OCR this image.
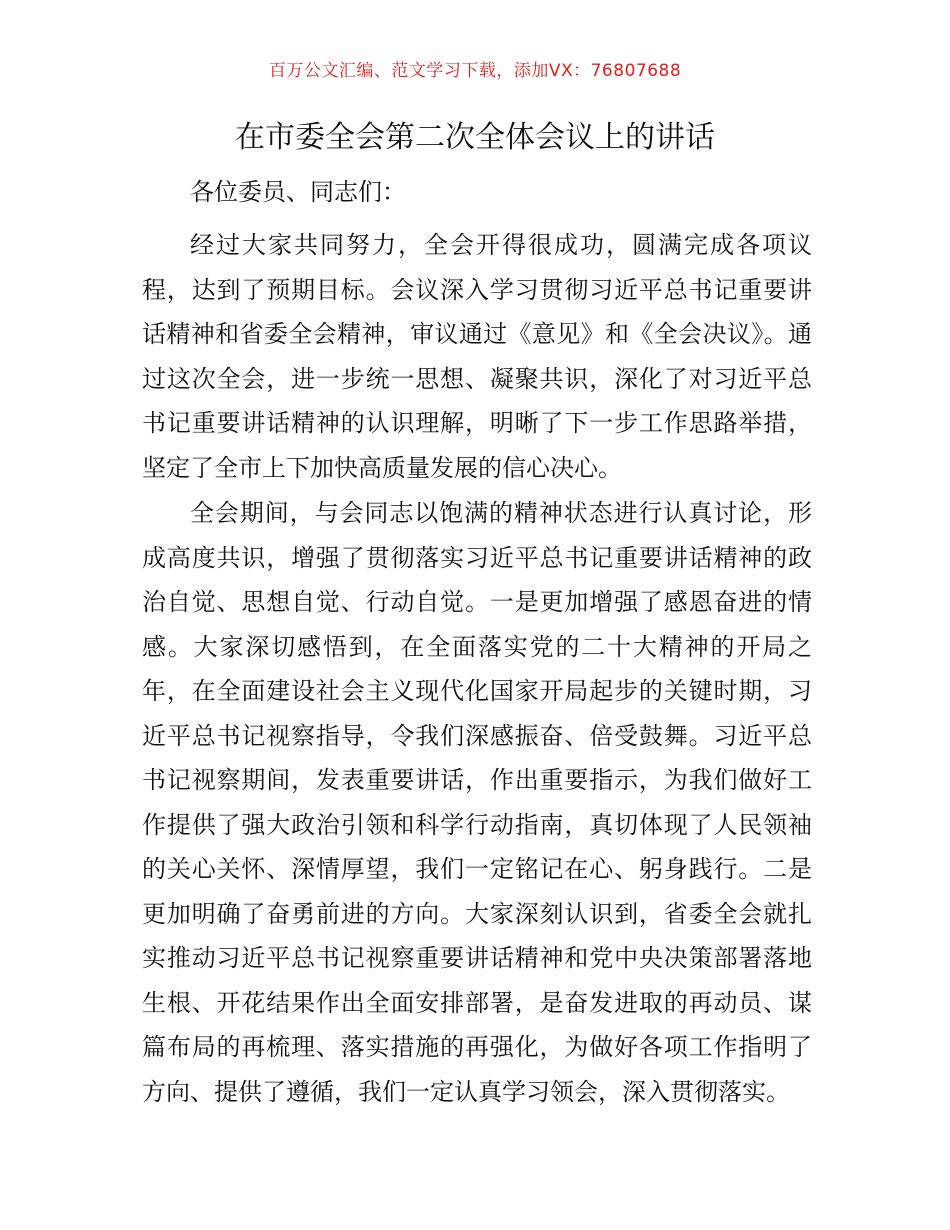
百万公文汇编、范文学习下载，添加VX：76807688
在市委全会第二次全体会议上的讲话

各位委员、同志们：

经过大家共同努力，全会开得很成功，圆满完成各项议程，达到了预期目标。会议深入学习贯彻习近平总书记重要讲话精神和省委全会精神，审议通过《意见》和《全会决议》。通过这次全会，进一步统一思想、凝聚共识，深化了对习近平总书记重要讲话精神的认识理解，明晰了下一步工作思路举措，坚定了全市上下加快高质量发展的信心决心。

全会期间，与会同志以饱满的精神状态进行认真讨论，形成高度共识，增强了贯彻落实习近平总书记重要讲话精神的政治自觉、思想自觉、行动自觉。一是更加增强了感恩奋进的情感。大家深切感悟到，在全面落实党的二十大精神的开局之年，在全面建设社会主义现代化国家开局起步的关键时期，习近平总书记视察指导，令我们深感振奋、倍受鼓舞。习近平总书记视察期间，发表重要讲话，作出重要指示，为我们做好工作提供了强大政治引领和科学行动指南，真切体现了人民领袖的关心关怀、深情厚望，我们一定铭记在心、躬身践行。二是更加明确了奋勇前进的方向。大家深刻认识到，省委全会就扎实推动习近平总书记视察重要讲话精神和党中央决策部署落地生根、开花结果作出全面安排部署，是奋发进取的再动员、谋篇布局的再梳理、落实措施的再强化，为做好各项工作指明了方向、提供了遵循，我们一定认真学习领会，深入贯彻落实。
